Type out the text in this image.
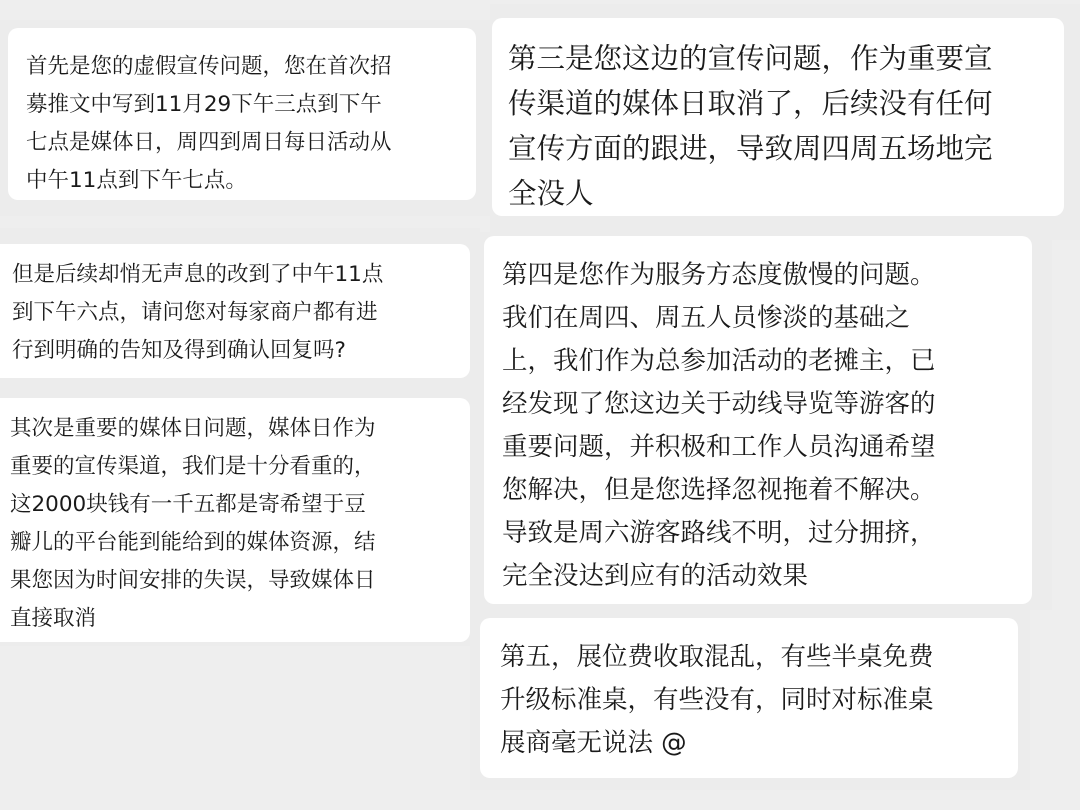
首先是您的虚假宣传问题，您在首次招
募推文中写到11月29下午三点到下午
七点是媒体日，周四到周日每日活动从
中午11点到下午七点。

但是后续却悄无声息的改到了中午11点
到下午六点，请问您对每家商户都有进
行到明确的告知及得到确认回复吗?

其次是重要的媒体日问题，媒体日作为
重要的宣传渠道，我们是十分看重的，
这2000块钱有一千五都是寄希望于豆
瓣儿的平台能到能给到的媒体资源，结
果您因为时间安排的失误，导致媒体日
直接取消

第三是您这边的宣传问题，作为重要宣
传渠道的媒体日取消了，后续没有任何
宣传方面的跟进，导致周四周五场地完
全没人

第四是您作为服务方态度傲慢的问题。
我们在周四、周五人员惨淡的基础之
上，我们作为总参加活动的老摊主，已
经发现了您这边关于动线导览等游客的
重要问题，并积极和工作人员沟通希望
您解决，但是您选择忽视拖着不解决。
导致是周六游客路线不明，过分拥挤，
完全没达到应有的活动效果

第五，展位费收取混乱，有些半桌免费
升级标准桌，有些没有，同时对标准桌
展商毫无说法 @
